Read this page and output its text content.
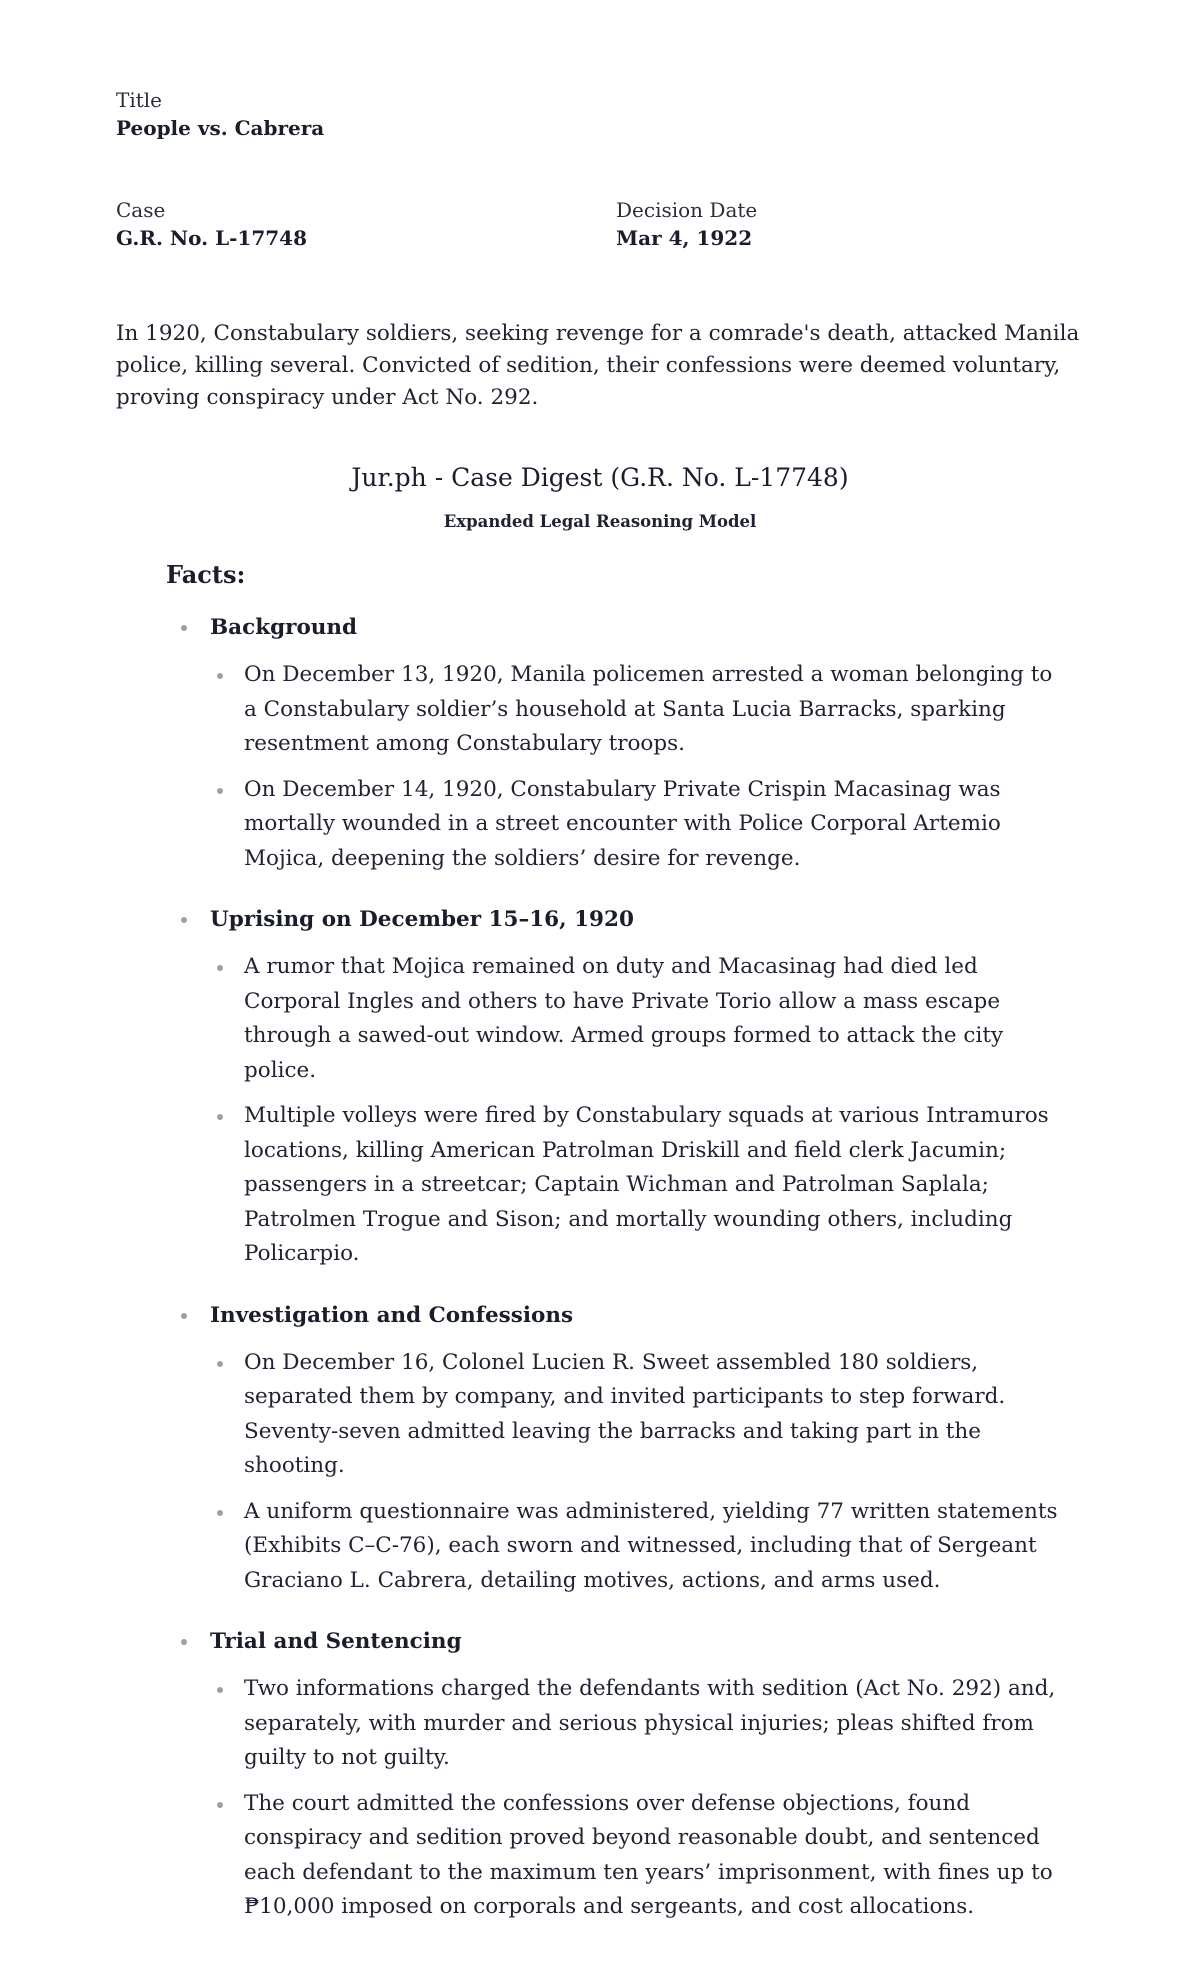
Title
People vs. Cabrera
Case
G.R. No. L-17748
Decision Date
Mar 4, 1922

In 1920, Constabulary soldiers, seeking revenge for a comrade's death, attacked Manila police, killing several. Convicted of sedition, their confessions were deemed voluntary, proving conspiracy under Act No. 292.

Jur.ph - Case Digest (G.R. No. L-17748)
Expanded Legal Reasoning Model
Facts:
Background
On December 13, 1920, Manila policemen arrested a woman belonging to a Constabulary soldier’s household at Santa Lucia Barracks, sparking resentment among Constabulary troops.
On December 14, 1920, Constabulary Private Crispin Macasinag was mortally wounded in a street encounter with Police Corporal Artemio Mojica, deepening the soldiers’ desire for revenge.
Uprising on December 15–16, 1920
A rumor that Mojica remained on duty and Macasinag had died led Corporal Ingles and others to have Private Torio allow a mass escape through a sawed-out window. Armed groups formed to attack the city police.
Multiple volleys were fired by Constabulary squads at various Intramuros locations, killing American Patrolman Driskill and field clerk Jacumin; passengers in a streetcar; Captain Wichman and Patrolman Saplala; Patrolmen Trogue and Sison; and mortally wounding others, including Policarpio.
Investigation and Confessions
On December 16, Colonel Lucien R. Sweet assembled 180 soldiers, separated them by company, and invited participants to step forward. Seventy-seven admitted leaving the barracks and taking part in the shooting.
A uniform questionnaire was administered, yielding 77 written statements (Exhibits C–C-76), each sworn and witnessed, including that of Sergeant Graciano L. Cabrera, detailing motives, actions, and arms used.
Trial and Sentencing
Two informations charged the defendants with sedition (Act No. 292) and, separately, with murder and serious physical injuries; pleas shifted from guilty to not guilty.
The court admitted the confessions over defense objections, found conspiracy and sedition proved beyond reasonable doubt, and sentenced each defendant to the maximum ten years’ imprisonment, with fines up to ₱10,000 imposed on corporals and sergeants, and cost allocations.
